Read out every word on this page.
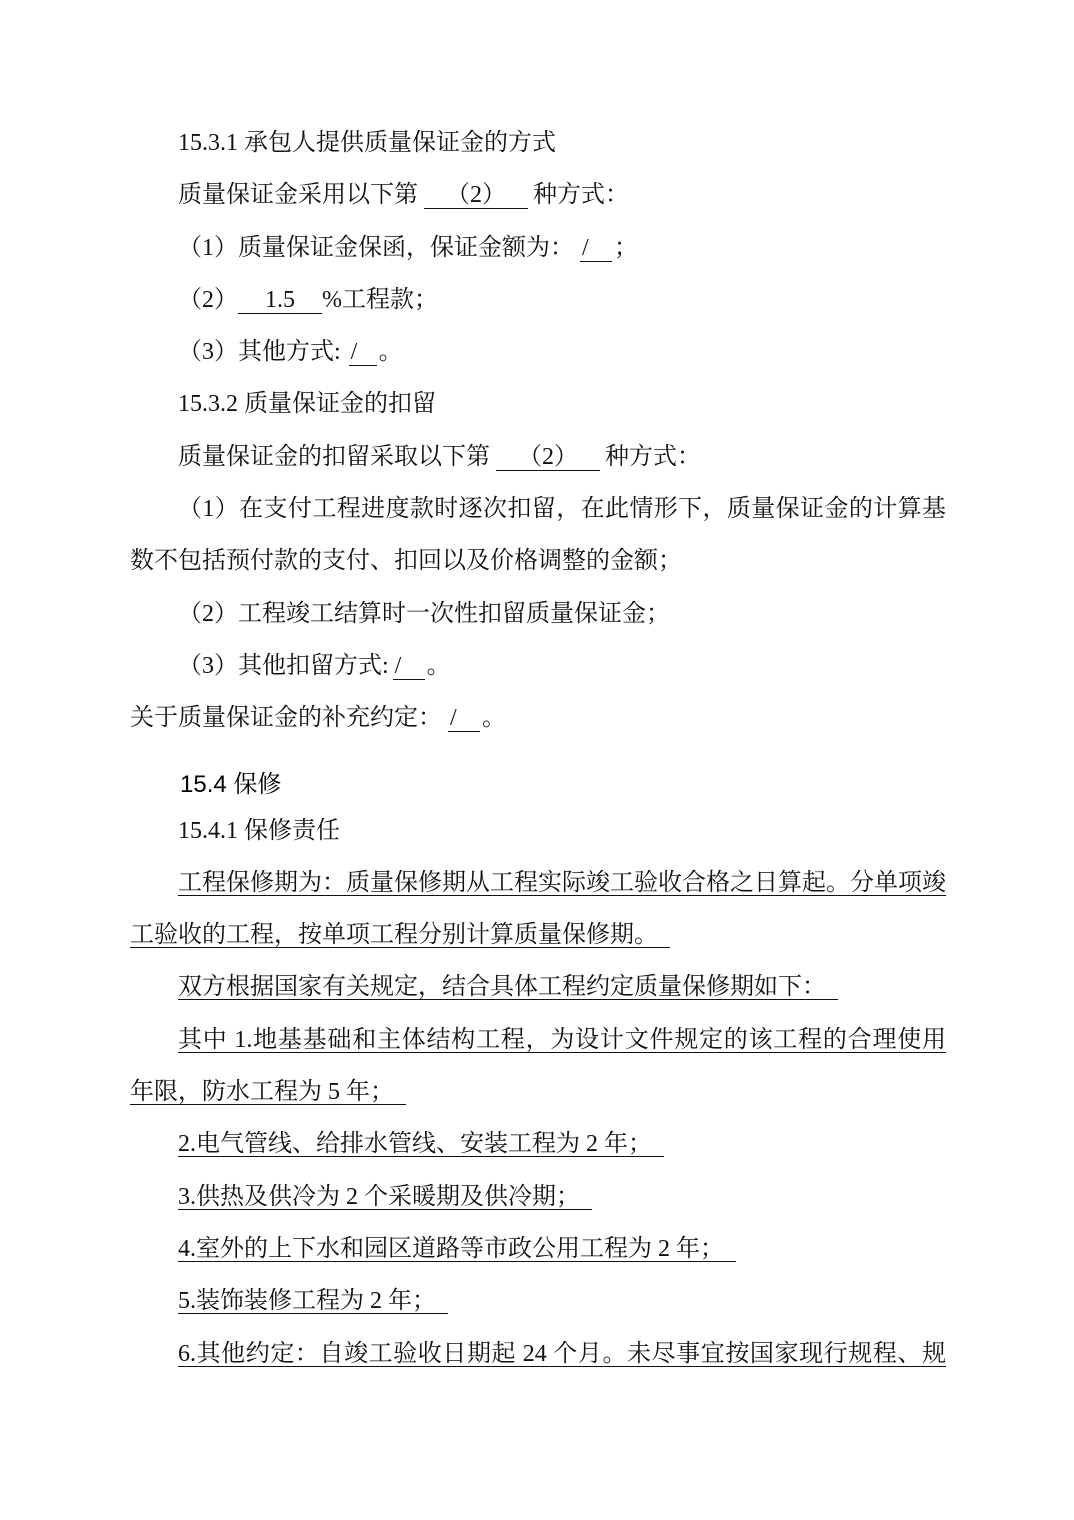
15.3.1 承包人提供质量保证金的方式
质量保证金采用以下第 （2） 种方式：
（1）质量保证金保函，保证金额为： / ；
（2） 1.5 %工程款；
（3）其他方式: / 。
15.3.2 质量保证金的扣留
质量保证金的扣留采取以下第 （2） 种方式：
（1）在支付工程进度款时逐次扣留，在此情形下，质量保证金的计算基
数不包括预付款的支付、扣回以及价格调整的金额；
（2）工程竣工结算时一次性扣留质量保证金；
（3）其他扣留方式: / 。
关于质量保证金的补充约定： / 。
15.4 保修
15.4.1 保修责任
工程保修期为：质量保修期从工程实际竣工验收合格之日算起。分单项竣
工验收的工程，按单项工程分别计算质量保修期。
双方根据国家有关规定，结合具体工程约定质量保修期如下：
其中 1.地基基础和主体结构工程，为设计文件规定的该工程的合理使用
年限，防水工程为 5 年；
2.电气管线、给排水管线、安装工程为 2 年；
3.供热及供冷为 2 个采暖期及供冷期；
4.室外的上下水和园区道路等市政公用工程为 2 年；
5.装饰装修工程为 2 年；
6.其他约定：自竣工验收日期起 24 个月。未尽事宜按国家现行规程、规
